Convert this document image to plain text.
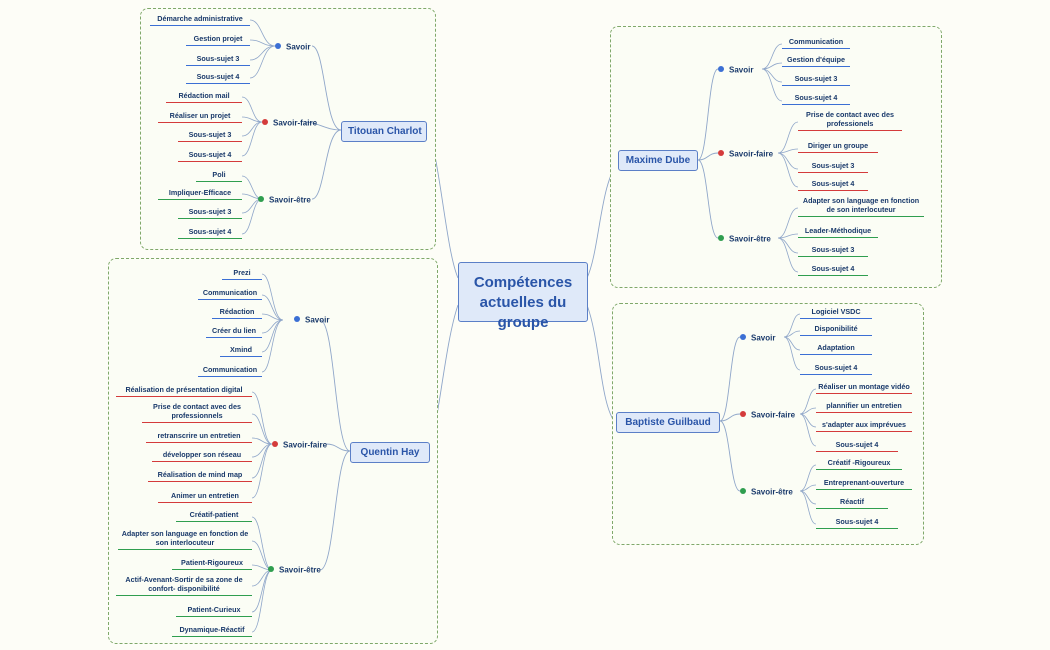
Titouan Charlot
Savoir
Savoir-faire
Savoir-être
Démarche administrative
Gestion projet
Sous-sujet 3
Sous-sujet 4
Rédaction mail
Réaliser un projet
Sous-sujet 3
Sous-sujet 4
Poli
Impliquer-Efficace
Sous-sujet 3
Sous-sujet 4
Maxime Dube
Savoir
Savoir-faire
Savoir-être
Communication
Gestion d'équipe
Sous-sujet 3
Sous-sujet 4
Prise de contact avec des professionels
Diriger un groupe
Sous-sujet 3
Sous-sujet 4
Adapter son language en fonction de son interlocuteur
Leader-Méthodique
Sous-sujet 3
Sous-sujet 4
Quentin Hay
Savoir
Savoir-faire
Savoir-être
Prezi
Communication
Rédaction
Créer du lien
Xmind
Communication
Réalisation de présentation digital
Prise de contact avec des professionnels
retranscrire un entretien
développer son réseau
Réalisation de mind map
Animer un entretien
Créatif-patient
Adapter son language en fonction de son interlocuteur
Patient-Rigoureux
Actif-Avenant-Sortir de sa zone de confort- disponibilité
Patient-Curieux
Dynamique-Réactif
Baptiste Guilbaud
Savoir
Savoir-faire
Savoir-être
Logiciel VSDC
Disponibilité
Adaptation
Sous-sujet 4
Réaliser un montage vidéo
plannifier un entretien
s'adapter aux imprévues
Sous-sujet 4
Créatif -Rigoureux
Entreprenant-ouverture
Réactif
Sous-sujet 4
Compétences actuelles du groupe
